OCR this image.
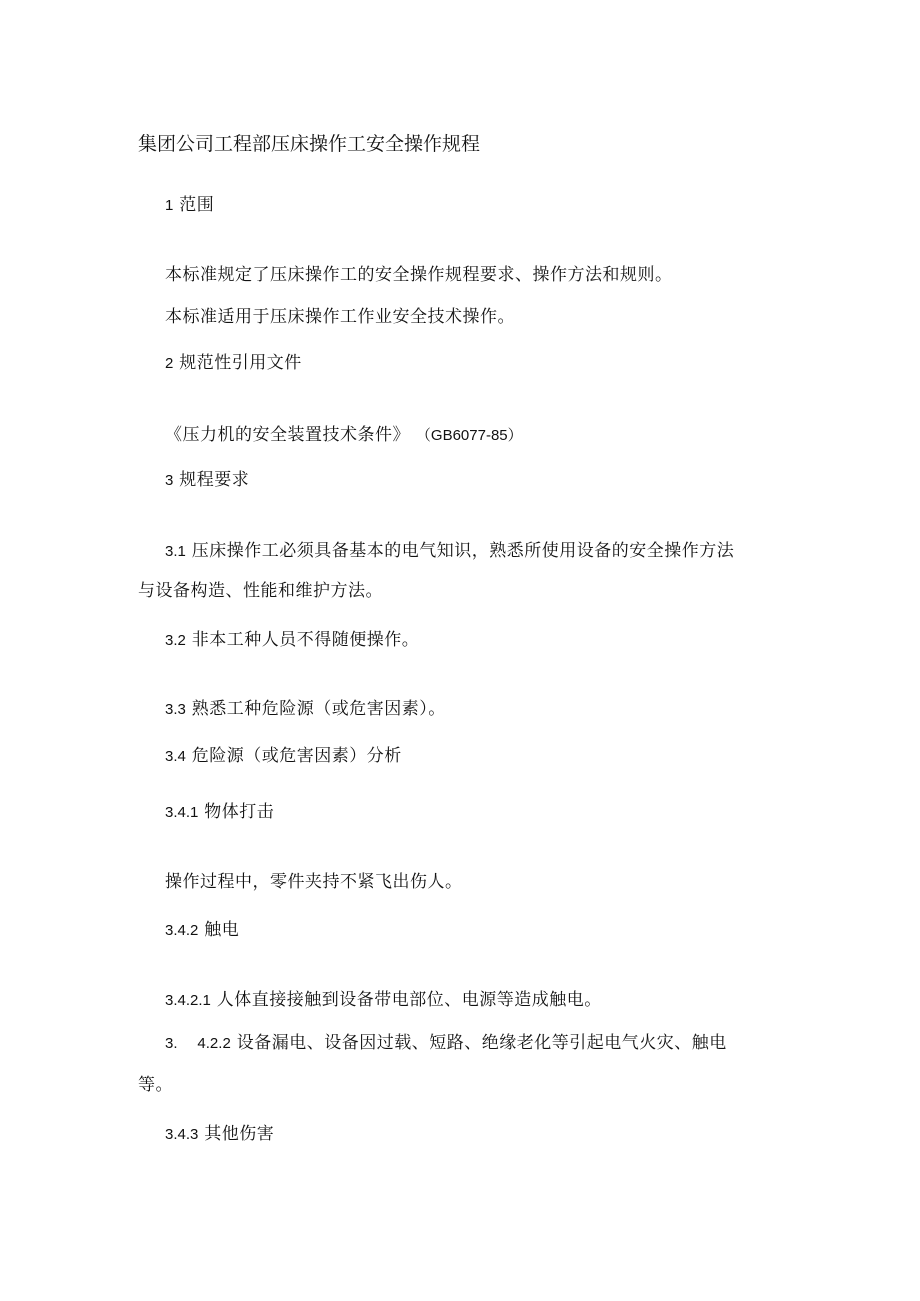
集团公司工程部压床操作工安全操作规程
1 范围
本标准规定了压床操作工的安全操作规程要求、操作方法和规则。
本标准适用于压床操作工作业安全技术操作。
2 规范性引用文件
《压力机的安全装置技术条件》 （GB6077-85）
3 规程要求
3.1 压床操作工必须具备基本的电气知识，熟悉所使用设备的安全操作方法
与设备构造、性能和维护方法。
3.2 非本工种人员不得随便操作。
3.3 熟悉工种危险源（或危害因素）。
3.4 危险源（或危害因素）分析
3.4.1 物体打击
操作过程中，零件夹持不紧飞出伤人。
3.4.2 触电
3.4.2.1 人体直接接触到设备带电部位、电源等造成触电。
3. 4.2.2 设备漏电、设备因过载、短路、绝缘老化等引起电气火灾、触电
等。
3.4.3 其他伤害
